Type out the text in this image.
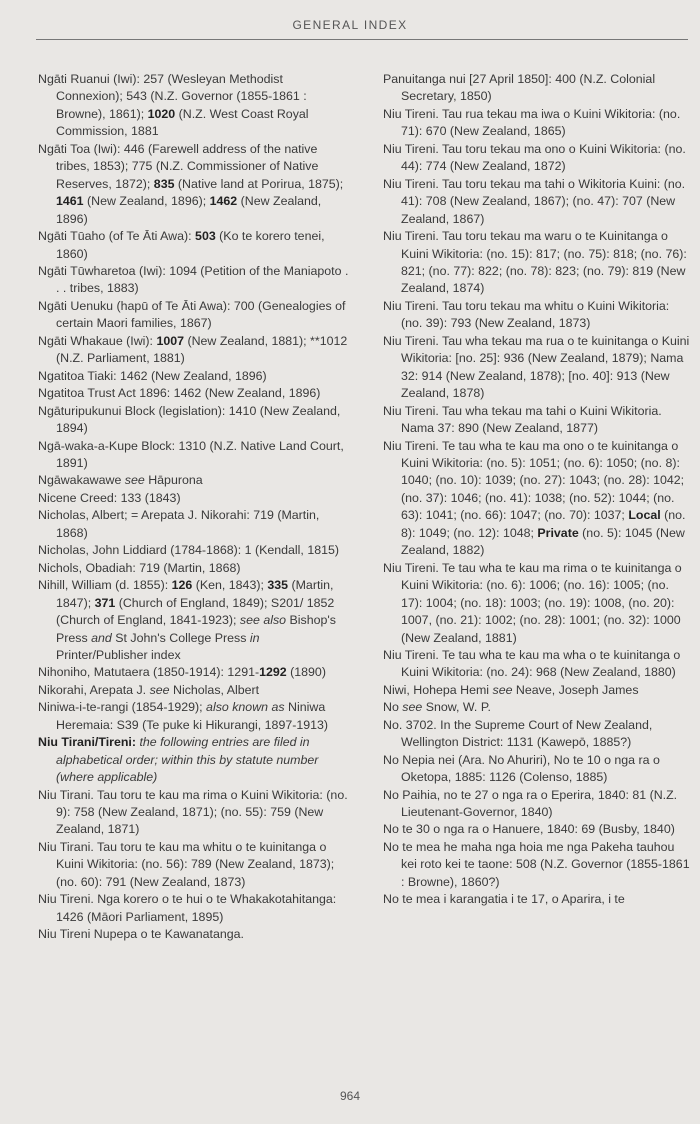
GENERAL INDEX

Ngāti Ruanui (Iwi): 257 (Wesleyan Methodist Connexion); 543 (N.Z. Governor (1855-1861 : Browne), 1861); 1020 (N.Z. West Coast Royal Commission, 1881

Ngāti Toa (Iwi): 446 (Farewell address of the native tribes, 1853); 775 (N.Z. Commissioner of Native Reserves, 1872); 835 (Native land at Porirua, 1875); 1461 (New Zealand, 1896); 1462 (New Zealand, 1896)

Ngāti Tūaho (of Te Āti Awa): 503 (Ko te korero tenei, 1860)

Ngāti Tūwharetoa (Iwi): 1094 (Petition of the Maniapoto . . . tribes, 1883)

Ngāti Uenuku (hapū of Te Āti Awa): 700 (Genealogies of certain Maori families, 1867)

Ngāti Whakaue (Iwi): 1007 (New Zealand, 1881); **1012 (N.Z. Parliament, 1881)

Ngatitoa Tiaki: 1462 (New Zealand, 1896)

Ngatitoa Trust Act 1896: 1462 (New Zealand, 1896)

Ngāturipukunui Block (legislation): 1410 (New Zealand, 1894)

Ngā-waka-a-Kupe Block: 1310 (N.Z. Native Land Court, 1891)

Ngāwakawawe see Hāpurona

Nicene Creed: 133 (1843)

Nicholas, Albert; = Arepata J. Nikorahi: 719 (Martin, 1868)

Nicholas, John Liddiard (1784-1868): 1 (Kendall, 1815)

Nichols, Obadiah: 719 (Martin, 1868)

Nihill, William (d. 1855): 126 (Ken, 1843); 335 (Martin, 1847); 371 (Church of England, 1849); S201/ 1852 (Church of England, 1841-1923); see also Bishop's Press and St John's College Press in Printer/Publisher index

Nihoniho, Matutaera (1850-1914): 1291-1292 (1890)

Nikorahi, Arepata J. see Nicholas, Albert

Niniwa-i-te-rangi (1854-1929); also known as Niniwa Heremaia: S39 (Te puke ki Hikurangi, 1897-1913)

Niu Tirani/Tireni: the following entries are filed in alphabetical order; within this by statute number (where applicable)

Niu Tirani. Tau toru te kau ma rima o Kuini Wikitoria: (no. 9): 758 (New Zealand, 1871); (no. 55): 759 (New Zealand, 1871)

Niu Tirani. Tau toru te kau ma whitu o te kuinitanga o Kuini Wikitoria: (no. 56): 789 (New Zealand, 1873); (no. 60): 791 (New Zealand, 1873)

Niu Tireni. Nga korero o te hui o te Whakakotahitanga: 1426 (Māori Parliament, 1895)

Niu Tireni Nupepa o te Kawanatanga.

Panuitanga nui [27 April 1850]: 400 (N.Z. Colonial Secretary, 1850)

Niu Tireni. Tau rua tekau ma iwa o Kuini Wikitoria: (no. 71): 670 (New Zealand, 1865)

Niu Tireni. Tau toru tekau ma ono o Kuini Wikitoria: (no. 44): 774 (New Zealand, 1872)

Niu Tireni. Tau toru tekau ma tahi o Wikitoria Kuini: (no. 41): 708 (New Zealand, 1867); (no. 47): 707 (New Zealand, 1867)

Niu Tireni. Tau toru tekau ma waru o te Kuinitanga o Kuini Wikitoria: (no. 15): 817; (no. 75): 818; (no. 76): 821; (no. 77): 822; (no. 78): 823; (no. 79): 819 (New Zealand, 1874)

Niu Tireni. Tau toru tekau ma whitu o Kuini Wikitoria: (no. 39): 793 (New Zealand, 1873)

Niu Tireni. Tau wha tekau ma rua o te kuinitanga o Kuini Wikitoria: [no. 25]: 936 (New Zealand, 1879); Nama 32: 914 (New Zealand, 1878); [no. 40]: 913 (New Zealand, 1878)

Niu Tireni. Tau wha tekau ma tahi o Kuini Wikitoria. Nama 37: 890 (New Zealand, 1877)

Niu Tireni. Te tau wha te kau ma ono o te kuinitanga o Kuini Wikitoria: (no. 5): 1051; (no. 6): 1050; (no. 8): 1040; (no. 10): 1039; (no. 27): 1043; (no. 28): 1042; (no. 37): 1046; (no. 41): 1038; (no. 52): 1044; (no. 63): 1041; (no. 66): 1047; (no. 70): 1037; Local (no. 8): 1049; (no. 12): 1048; Private (no. 5): 1045 (New Zealand, 1882)

Niu Tireni. Te tau wha te kau ma rima o te kuinitanga o Kuini Wikitoria: (no. 6): 1006; (no. 16): 1005; (no. 17): 1004; (no. 18): 1003; (no. 19): 1008, (no. 20): 1007, (no. 21): 1002; (no. 28): 1001; (no. 32): 1000 (New Zealand, 1881)

Niu Tireni. Te tau wha te kau ma wha o te kuinitanga o Kuini Wikitoria: (no. 24): 968 (New Zealand, 1880)

Niwi, Hohepa Hemi see Neave, Joseph James

No see Snow, W. P.

No. 3702. In the Supreme Court of New Zealand, Wellington District: 1131 (Kawepō, 1885?)

No Nepia nei (Ara. No Ahuriri), No te 10 o nga ra o Oketopa, 1885: 1126 (Colenso, 1885)

No Paihia, no te 27 o nga ra o Eperira, 1840: 81 (N.Z. Lieutenant-Governor, 1840)

No te 30 o nga ra o Hanuere, 1840: 69 (Busby, 1840)

No te mea he maha nga hoia me nga Pakeha tauhou kei roto kei te taone: 508 (N.Z. Governor (1855-1861 : Browne), 1860?)

No te mea i karangatia i te 17, o Aparira, i te

964
